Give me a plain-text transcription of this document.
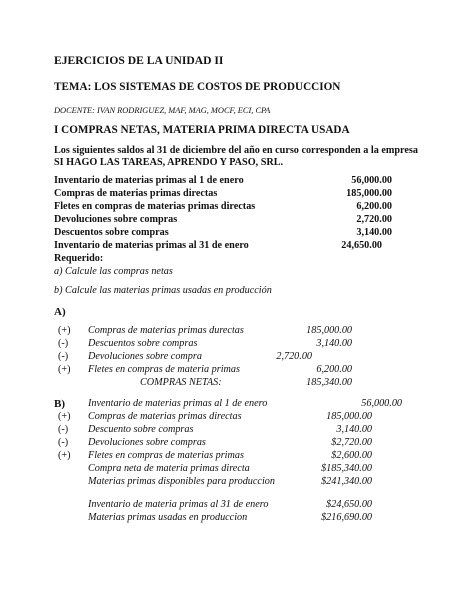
EJERCICIOS DE LA UNIDAD II
TEMA: LOS SISTEMAS DE COSTOS DE PRODUCCION
DOCENTE: IVAN RODRIGUEZ, MAF, MAG, MOCF, ECI, CPA
I COMPRAS NETAS, MATERIA PRIMA DIRECTA USADA
Los siguientes saldos al 31 de diciembre del año en curso corresponden a la empresa
SI HAGO LAS TAREAS, APRENDO Y PASO, SRL.
Inventario de materias primas al 1 de enero	56,000.00
Compras de materias primas directas	185,000.00
Fletes en compras de materias primas directas	6,200.00
Devoluciones sobre compras	2,720.00
Descuentos sobre compras	3,140.00
Inventario de materias primas al 31 de enero	24,650.00
Requerido:
a) Calcule las compras netas
b) Calcule las materias primas usadas en producción
A)
(+) Compras de materias primas durectas	185,000.00
(-) Descuentos sobre compras	3,140.00
(-) Devoluciones sobre compra	2,720.00
(+) Fletes en compras de materia primas	6,200.00
COMPRAS NETAS:	185,340.00
B) Inventario de materias primas al 1 de enero	56,000.00
(+) Compras de materias primas directas	185,000.00
(-) Descuento sobre compras	3,140.00
(-) Devoluciones sobre compras	$2,720.00
(+) Fletes en compras de materias primas	$2,600.00
Compra neta de materia primas directa	$185,340.00
Materias primas disponibles para produccion	$241,340.00
Inventario de materia primas al 31 de enero	$24,650.00
Materias primas usadas en produccion	$216,690.00
